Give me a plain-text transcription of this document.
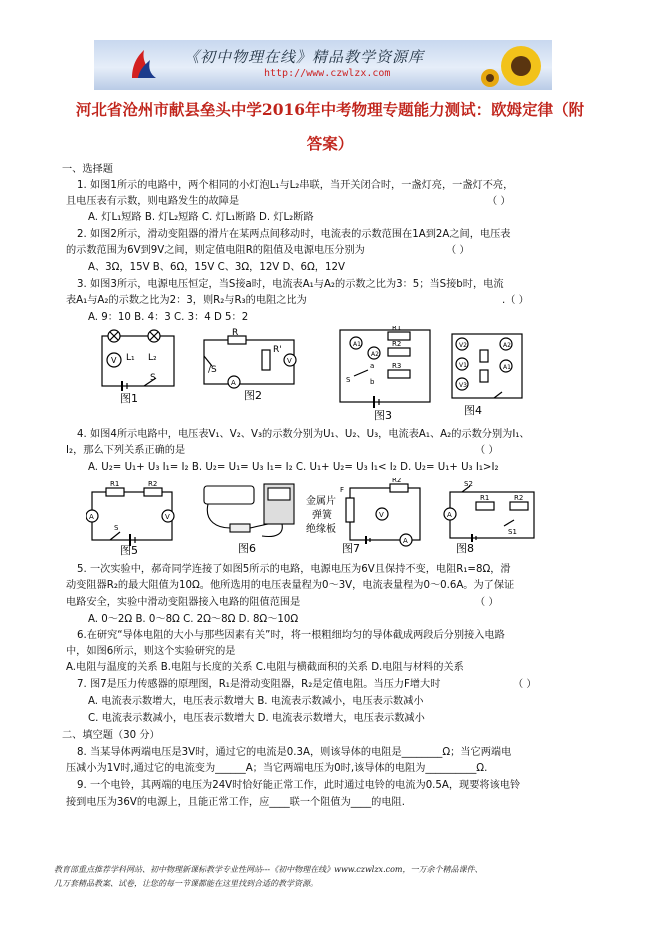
《初中物理在线》精品教学资源库
http://www.czwlzx.com
河北省沧州市献县垒头中学2016年中考物理专题能力测试：欧姆定律（附答案）
一、选择题
1. 如图1所示的电路中，两个相同的小灯泡L₁与L₂串联，当开关闭合时，一盏灯亮，一盏灯不亮，
且电压表有示数，则电路发生的故障是	（ ）
A. 灯L₁短路 B. 灯L₂短路 C. 灯L₁断路 D. 灯L₂断路
2. 如图2所示，滑动变阻器的滑片在某两点间移动时，电流表的示数范围在1A到2A之间，电压表
的示数范围为6V到9V之间，则定值电阻R的阻值及电源电压分别为	（ ）
A、3Ω，15V B、6Ω，15V C、3Ω，12V D、6Ω，12V
3. 如图3所示，电源电压恒定，当S接a时，电流表A₁与A₂的示数之比为3：5；当S接b时，电流
表A₁与A₂的示数之比为2：3，则R₂与R₃的电阻之比为	.（ ）
A. 9：10 B. 4：3 C. 3：4 D 5：2
V L₁ L₂
S
图1
R
R'
V
A
/S
图2
R1
R2
R3
A1
A2
S
a
b
图3
V2	A2
V1
V3
A1
图4
4. 如图4所示电路中，电压表V₁、V₂、V₃的示数分别为U₁、U₂、U₃，电流表A₁、A₂的示数分别为I₁、
I₂，那么下列关系正确的是	（ ）
A. U₂= U₁+ U₃ I₁= I₂ B. U₂= U₁= U₃ I₁= I₂ C. U₁+ U₂= U₃ I₁< I₂ D. U₂= U₁+ U₃ I₁>I₂
R1	R2
A	V
S
图5	图6
金属片
弹簧
绝缘板
V
A
F
R2
图7
S2
R1	R2
S1
A
图8
5. 一次实验中，郝奇同学连接了如图5所示的电路，电源电压为6V且保持不变，电阻R₁=8Ω，滑
动变阻器R₂的最大阻值为10Ω。他所选用的电压表量程为0～3V，电流表量程为0～0.6A。为了保证
电路安全，实验中滑动变阻器接入电路的阻值范围是	（ ）
A. 0～2Ω B. 0～8Ω C. 2Ω～8Ω D. 8Ω～10Ω
6.在研究“导体电阻的大小与那些因素有关”时，将一根粗细均匀的导体截成两段后分别接入电路
中，如图6所示，则这个实验研究的是
A.电阻与温度的关系 B.电阻与长度的关系 C.电阻与横截面积的关系 D.电阻与材料的关系
7. 图7是压力传感器的原理图，R₁是滑动变阻器，R₂是定值电阻。当压力F增大时	（ ）
A. 电流表示数增大，电压表示数增大 B. 电流表示数减小，电压表示数减小
C. 电流表示数减小，电压表示数增大 D. 电流表示数增大，电压表示数减小
二、填空题（30 分）
8. 当某导体两端电压是3V时，通过它的电流是0.3A，则该导体的电阻是________Ω；当它两端电
压减小为1V时,通过它的电流变为______A；当它两端电压为0时,该导体的电阻为__________Ω.
9. 一个电铃，其两端的电压为24V时恰好能正常工作，此时通过电铃的电流为0.5A，现要将该电铃
接到电压为36V的电源上，且能正常工作，应____联一个阻值为____的电阻.
教育部重点推荐学科网站、初中物理新课标教学专业性网站---《初中物理在线》www.czwlzx.com，一万余个精品课件、
几万套精品教案、试卷，让您的每一节课都能在这里找到合适的教学资源。
